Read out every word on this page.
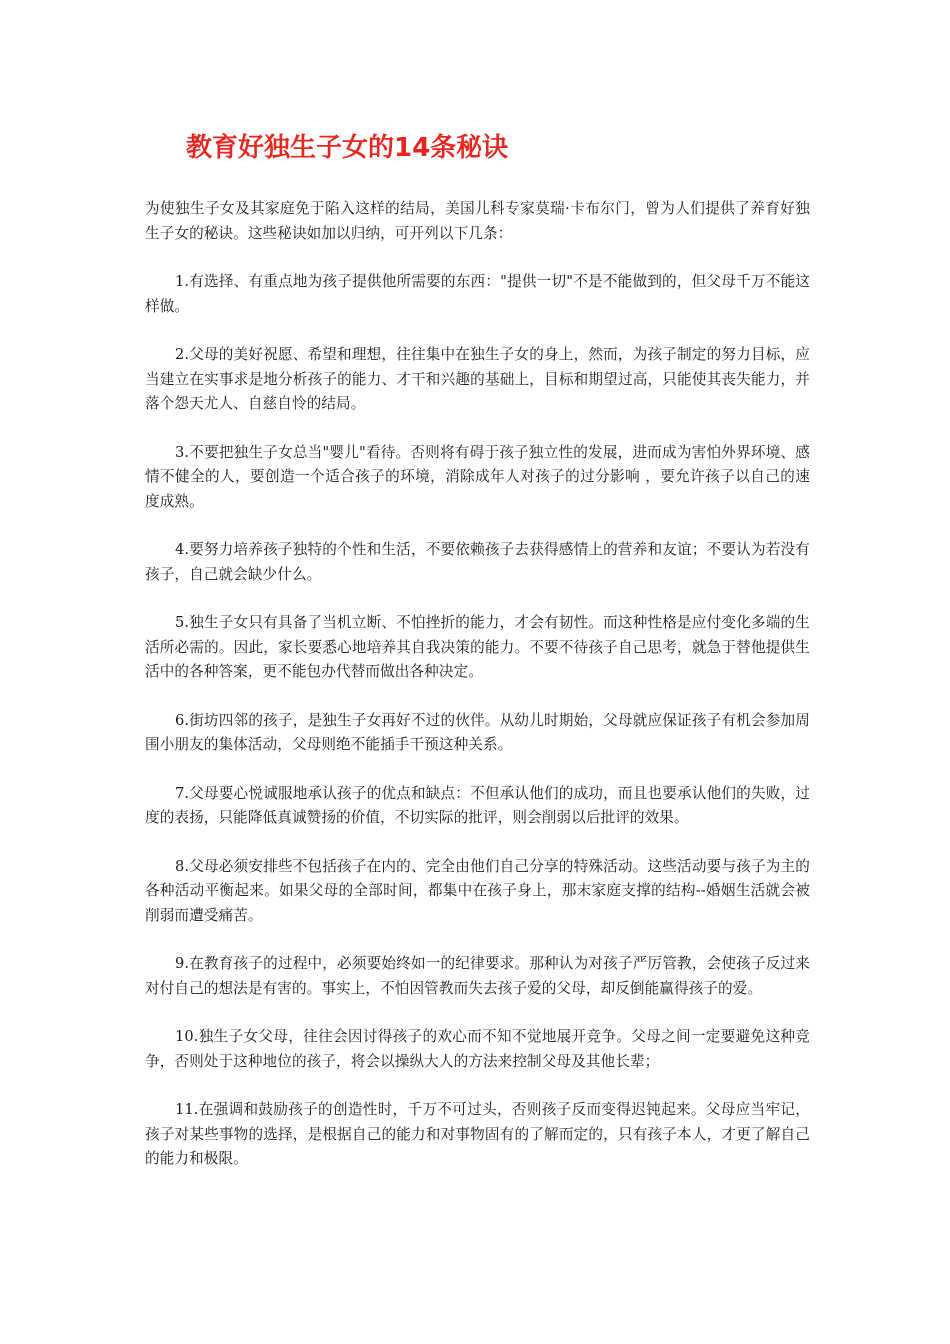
教育好独生子女的14条秘诀

为使独生子女及其家庭免于陷入这样的结局，美国儿科专家莫瑞·卡布尔门，曾为人们提供了养育好独生子女的秘诀。这些秘诀如加以归纳，可开列以下几条：

1.有选择、有重点地为孩子提供他所需要的东西："提供一切"不是不能做到的，但父母千万不能这样做。

2.父母的美好祝愿、希望和理想，往往集中在独生子女的身上，然而，为孩子制定的努力目标，应当建立在实事求是地分析孩子的能力、才干和兴趣的基础上，目标和期望过高，只能使其丧失能力，并落个怨天尤人、自慈自怜的结局。

3.不要把独生子女总当"婴儿"看待。否则将有碍于孩子独立性的发展，进而成为害怕外界环境、感情不健全的人，要创造一个适合孩子的环境，消除成年人对孩子的过分影响 ，要允许孩子以自己的速度成熟。

4.要努力培养孩子独特的个性和生活，不要依赖孩子去获得感情上的营养和友谊；不要认为若没有孩子，自己就会缺少什么。

5.独生子女只有具备了当机立断、不怕挫折的能力，才会有韧性。而这种性格是应付变化多端的生活所必需的。因此，家长要悉心地培养其自我决策的能力。不要不待孩子自己思考，就急于替他提供生活中的各种答案，更不能包办代替而做出各种决定。

6.街坊四邻的孩子，是独生子女再好不过的伙伴。从幼儿时期始，父母就应保证孩子有机会参加周围小朋友的集体活动，父母则绝不能插手干预这种关系。

7.父母要心悦诚服地承认孩子的优点和缺点：不但承认他们的成功，而且也要承认他们的失败，过度的表扬，只能降低真诚赞扬的价值，不切实际的批评，则会削弱以后批评的效果。

8.父母必须安排些不包括孩子在内的、完全由他们自己分享的特殊活动。这些活动要与孩子为主的各种活动平衡起来。如果父母的全部时间，都集中在孩子身上，那末家庭支撑的结构--婚姻生活就会被削弱而遭受痛苦。

9.在教育孩子的过程中，必须要始终如一的纪律要求。那种认为对孩子严厉管教，会使孩子反过来对付自己的想法是有害的。事实上，不怕因管教而失去孩子爱的父母，却反倒能赢得孩子的爱。

10.独生子女父母，往往会因讨得孩子的欢心而不知不觉地展开竞争。父母之间一定要避免这种竞争，否则处于这种地位的孩子，将会以操纵大人的方法来控制父母及其他长辈；

11.在强调和鼓励孩子的创造性时，千万不可过头，否则孩子反而变得迟钝起来。父母应当牢记，孩子对某些事物的选择，是根据自己的能力和对事物固有的了解而定的，只有孩子本人，才更了解自己的能力和极限。
